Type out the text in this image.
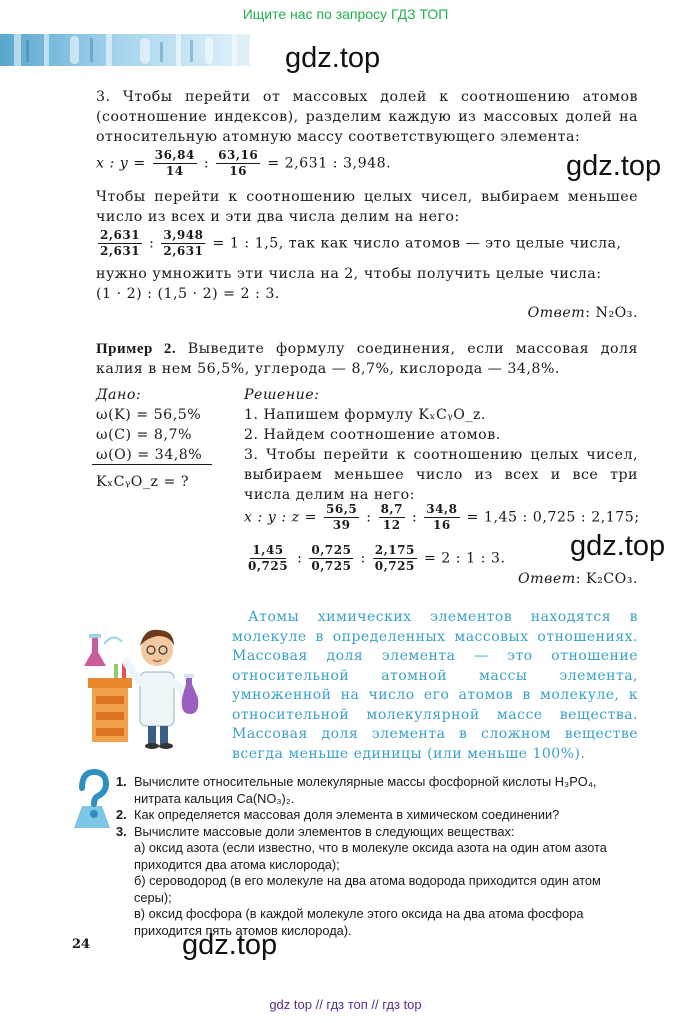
Ищите нас по запросу ГДЗ ТОП
gdz.top
gdz.top
gdz.top
gdz.top
3. Чтобы перейти от массовых долей к соотношению атомов (соотношение индексов), разделим каждую из массовых долей на относительную атомную массу соответствующего элемента:
x : $y = \frac{36,84}{14}$ : $\frac{63,16}{16} = 2,631$ : 3,948.
Чтобы перейти к соотношению целых чисел, выбираем меньшее число из всех и эти два числа делим на него:
$\frac{2,631}{2,631}$ : $\frac{3,948}{2,631} = 1$ : 1,5, так как число атомов — это целые числа,
нужно умножить эти числа на 2, чтобы получить целые числа:
(1 · 2) : (1,5 · 2) = 2 : 3.
Ответ: N₂O₃.
Пример 2. Выведите формулу соединения, если массовая доля калия в нем 56,5%, углерода — 8,7%, кислорода — 34,8%.
Дано:
ω(K) = 56,5%
ω(C) = 8,7%
ω(O) = 34,8%
KₓCᵧO_z = ?
Решение:
1. Напишем формулу KₓCᵧO_z.
2. Найдем соотношение атомов.
3. Чтобы перейти к соотношению целых чисел, выбираем меньшее число из всех и все три числа делим на него:
x : y : $z = \frac{56,5}{39}$ : $\frac{8,7}{12}$ : $\frac{34,8}{16} = 1,45$ : 0,725 : 2,175;
$\frac{1,45}{0,725}$ : $\frac{0,725}{0,725}$ : $\frac{2,175}{0,725} = 2$ : 1 : 3.
Ответ: K₂CO₃.
Атомы химических элементов находятся в молекуле в определенных массовых отношениях. Массовая доля элемента — это отношение относительной атомной массы элемента, умноженной на число его атомов в молекуле, к относительной молекулярной массе вещества. Массовая доля элемента в сложном веществе всегда меньше единицы (или меньше 100%).
1. Вычислите относительные молекулярные массы фосфорной кислоты H₃PO₄, нитрата кальция Ca(NO₃)₂.
2. Как определяется массовая доля элемента в химическом соединении?
3. Вычислите массовые доли элементов в следующих веществах:
а) оксид азота (если известно, что в молекуле оксида азота на один атом азота приходится два атома кислорода);
б) сероводород (в его молекуле на два атома водорода приходится один атом серы);
в) оксид фосфора (в каждой молекуле этого оксида на два атома фосфора приходится пять атомов кислорода).
24
gdz top // гдз топ // гдз top
